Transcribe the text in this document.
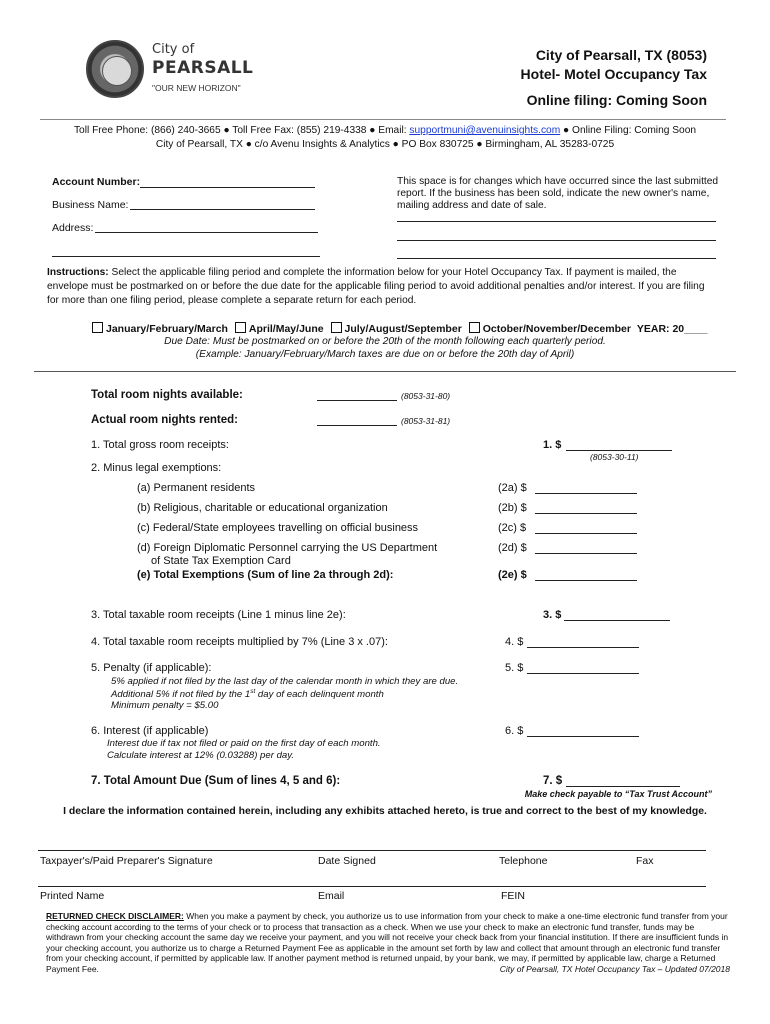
City of
PEARSALL
"OUR NEW HORIZON"
City of Pearsall, TX (8053)
Hotel- Motel Occupancy Tax
Online filing: Coming Soon
Toll Free Phone: (866) 240-3665 ● Toll Free Fax: (855) 219-4338 ● Email: supportmuni@avenuinsights.com ● Online Filing: Coming Soon
City of Pearsall, TX ● c/o Avenu Insights & Analytics ● PO Box 830725 ● Birmingham, AL 35283-0725
Account Number:
Business Name:
Address:
This space is for changes which have occurred since the last submitted report. If the business has been sold, indicate the new owner's name, mailing address and date of sale.
Instructions: Select the applicable filing period and complete the information below for your Hotel Occupancy Tax. If payment is mailed, the envelope must be postmarked on or before the due date for the applicable filing period to avoid additional penalties and/or interest. If you are filing for more than one filing period, please complete a separate return for each period.
January/February/March April/May/June July/August/September October/November/December YEAR: 20____
Due Date: Must be postmarked on or before the 20th of the month following each quarterly period.
(Example: January/February/March taxes are due on or before the 20th day of April)
Total room nights available:	(8053-31-80)
Actual room nights rented:	(8053-31-81)
1. Total gross room receipts:	1. $
(8053-30-11)
2. Minus legal exemptions:
(a) Permanent residents	(2a) $
(b) Religious, charitable or educational organization	(2b) $
(c) Federal/State employees travelling on official business	(2c) $
(d) Foreign Diplomatic Personnel carrying the US Department
of State Tax Exemption Card
(2d) $
(e) Total Exemptions (Sum of line 2a through 2d):	(2e) $
3. Total taxable room receipts (Line 1 minus line 2e):	3. $
4. Total taxable room receipts multiplied by 7% (Line 3 x .07):	4. $
5. Penalty (if applicable):	5. $
5% applied if not filed by the last day of the calendar month in which they are due.
Additional 5% if not filed by the 1st day of each delinquent month
Minimum penalty = $5.00
6. Interest (if applicable)	6. $
Interest due if tax not filed or paid on the first day of each month.
Calculate interest at 12% (0.03288) per day.
7. Total Amount Due (Sum of lines 4, 5 and 6):	7. $
Make check payable to “Tax Trust Account”
I declare the information contained herein, including any exhibits attached hereto, is true and correct to the best of my knowledge.
Taxpayer's/Paid Preparer's Signature	Date Signed	Telephone	Fax
Printed Name	Email	FEIN
RETURNED CHECK DISCLAIMER: When you make a payment by check, you authorize us to use information from your check to make a one-time electronic fund transfer from your checking account according to the terms of your check or to process that transaction as a check. When we use your check to make an electronic fund transfer, funds may be withdrawn from your checking account the same day we receive your payment, and you will not receive your check back from your financial institution. If there are insufficient funds in your checking account, you authorize us to charge a Returned Payment Fee as applicable in the amount set forth by law and collect that amount through an electronic fund transfer from your checking account, if permitted by applicable law. If another payment method is returned unpaid, by your bank, we may, if permitted by applicable law, charge a Returned Payment Fee.	City of Pearsall, TX Hotel Occupancy Tax – Updated 07/2018
